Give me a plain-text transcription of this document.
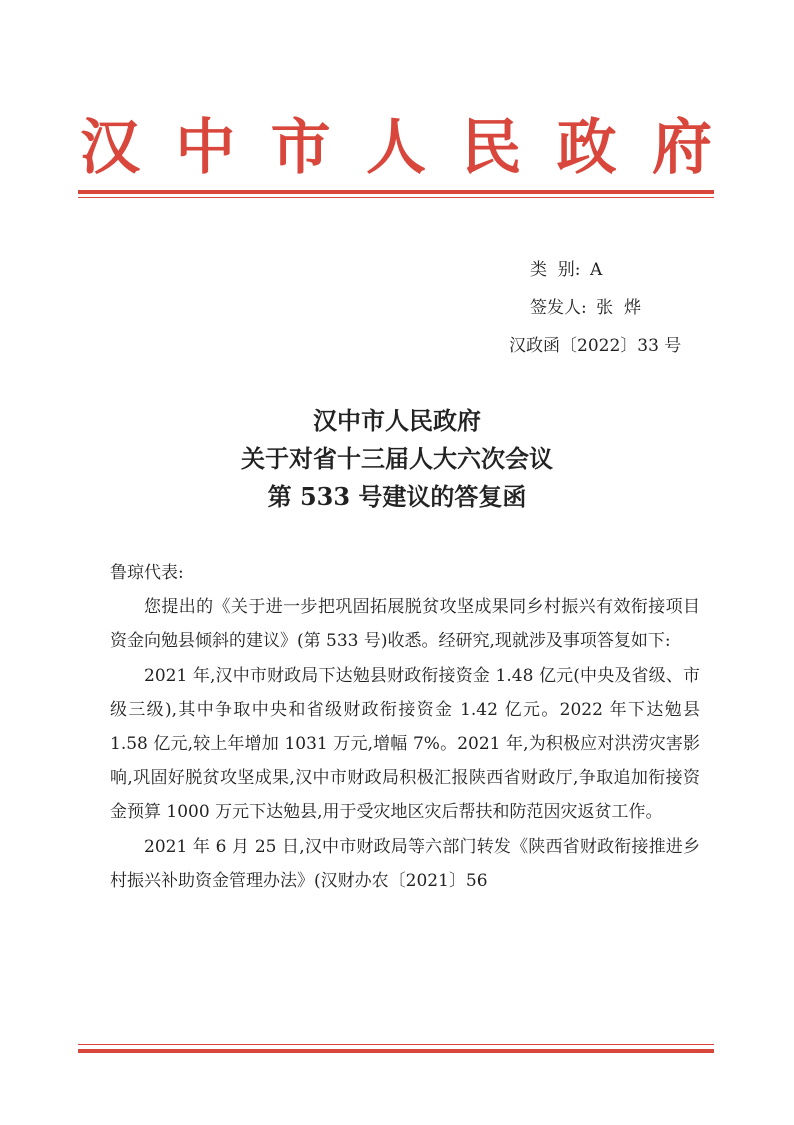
汉 中 市 人 民 政 府
类  别: A
签发人: 张  烨
汉政函〔2022〕33 号
汉中市人民政府
关于对省十三届人大六次会议
第 533 号建议的答复函

鲁琼代表:

您提出的《关于进一步把巩固拓展脱贫攻坚成果同乡村振兴有效衔接项目资金向勉县倾斜的建议》(第 533 号)收悉。经研究,现就涉及事项答复如下:

2021 年,汉中市财政局下达勉县财政衔接资金 1.48 亿元(中央及省级、市级三级),其中争取中央和省级财政衔接资金 1.42 亿元。2022 年下达勉县 1.58 亿元,较上年增加 1031 万元,增幅 7%。2021 年,为积极应对洪涝灾害影响,巩固好脱贫攻坚成果,汉中市财政局积极汇报陕西省财政厅,争取追加衔接资金预算 1000 万元下达勉县,用于受灾地区灾后帮扶和防范因灾返贫工作。

2021 年 6 月 25 日,汉中市财政局等六部门转发《陕西省财政衔接推进乡村振兴补助资金管理办法》(汉财办农〔2021〕56
